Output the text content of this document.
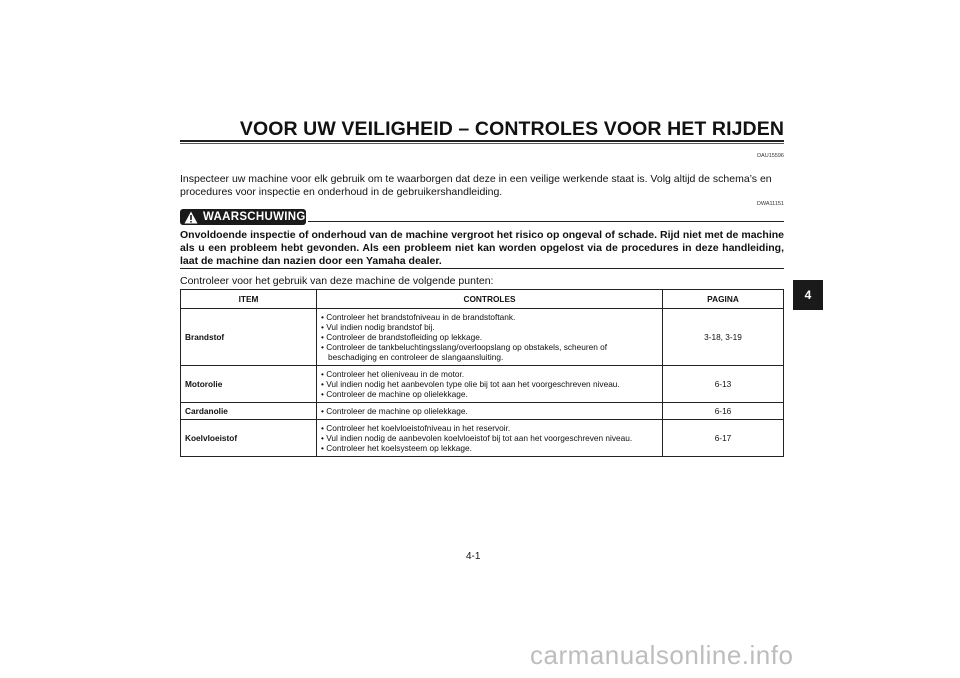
VOOR UW VEILIGHEID – CONTROLES VOOR HET RIJDEN
DAU15596
Inspecteer uw machine voor elk gebruik om te waarborgen dat deze in een veilige werkende staat is. Volg altijd de schema’s en procedures voor inspectie en onderhoud in de gebruikershandleiding.
WAARSCHUWING
DWA11151
Onvoldoende inspectie of onderhoud van de machine vergroot het risico op ongeval of schade. Rijd niet met de machine als u een probleem hebt gevonden. Als een probleem niet kan worden opgelost via de procedures in deze handleiding, laat de machine dan nazien door een Yamaha dealer.
Controleer voor het gebruik van deze machine de volgende punten:
ITEM	CONTROLES	PAGINA
Brandstof	• Controleer het brandstofniveau in de brandstoftank.
• Vul indien nodig brandstof bij.
• Controleer de brandstofleiding op lekkage.
• Controleer de tankbeluchtingsslang/overloopslang op obstakels, scheuren of beschadiging en controleer de slangaansluiting.	3-18, 3-19
Motorolie	• Controleer het olieniveau in de motor.
• Vul indien nodig het aanbevolen type olie bij tot aan het voorgeschreven niveau.
• Controleer de machine op olielekkage.	6-13
Cardanolie	• Controleer de machine op olielekkage.	6-16
Koelvloeistof	• Controleer het koelvloeistofniveau in het reservoir.
• Vul indien nodig de aanbevolen koelvloeistof bij tot aan het voorgeschreven niveau.
• Controleer het koelsysteem op lekkage.	6-17
4-1
4
carmanualsonline.info
